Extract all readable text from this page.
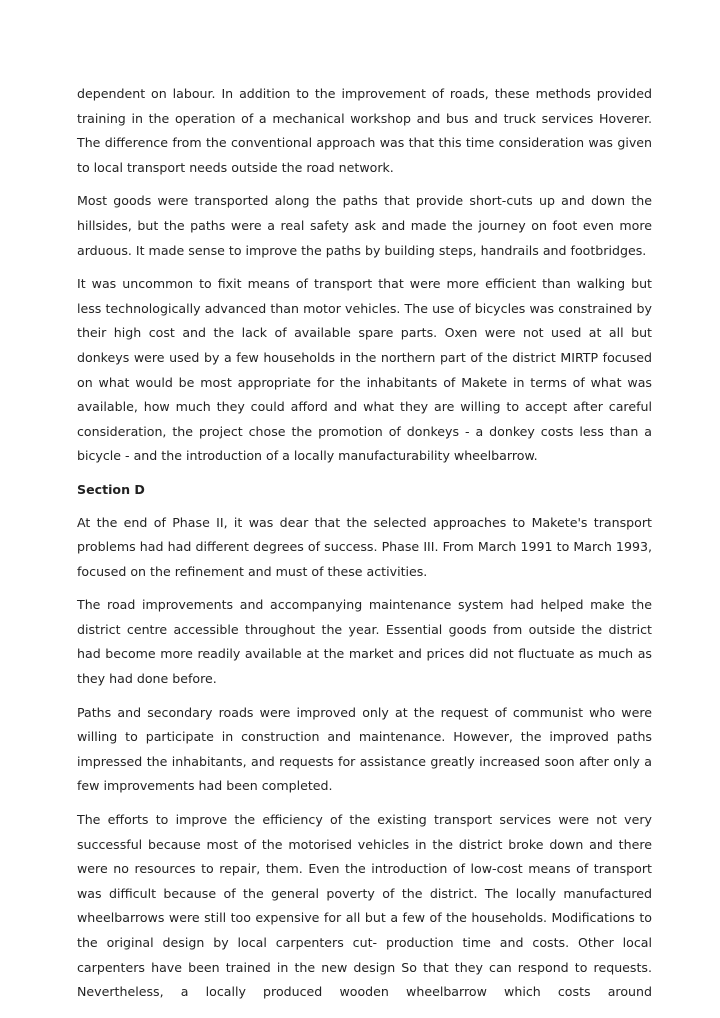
dependent on labour. In addition to the improvement of roads, these methods provided training in the operation of a mechanical workshop and bus and truck services Hoverer. The difference from the conventional approach was that this time consideration was given to local transport needs outside the road network.

Most goods were transported along the paths that provide short-cuts up and down the hillsides, but the paths were a real safety ask and made the journey on foot even more arduous. It made sense to improve the paths by building steps, handrails and footbridges.

It was uncommon to fixit means of transport that were more efficient than walking but less technologically advanced than motor vehicles. The use of bicycles was constrained by their high cost and the lack of available spare parts. Oxen were not used at all but donkeys were used by a few households in the northern part of the district MIRTP focused on what would be most appropriate for the inhabitants of Makete in terms of what was available, how much they could afford and what they are willing to accept after careful consideration, the project chose the promotion of donkeys - a donkey costs less than a bicycle - and the introduction of a locally manufacturability wheelbarrow.

Section D

At the end of Phase II, it was dear that the selected approaches to Makete's transport problems had had different degrees of success. Phase III. From March 1991 to March 1993, focused on the refinement and must of these activities.

The road improvements and accompanying maintenance system had helped make the district centre accessible throughout the year. Essential goods from outside the district had become more readily available at the market and prices did not fluctuate as much as they had done before.

Paths and secondary roads were improved only at the request of communist who were willing to participate in construction and maintenance. However, the improved paths impressed the inhabitants, and requests for assistance greatly increased soon after only a few improvements had been completed.

The efforts to improve the efficiency of the existing transport services were not very successful because most of the motorised vehicles in the district broke down and there were no resources to repair, them. Even the introduction of low-cost means of transport was difficult because of the general poverty of the district. The locally manufactured wheelbarrows were still too expensive for all but a few of the households. Modifications to the original design by local carpenters cut- production time and costs. Other local carpenters have been trained in the new design So that they can respond to requests. Nevertheless, a locally produced wooden wheelbarrow which costs around
